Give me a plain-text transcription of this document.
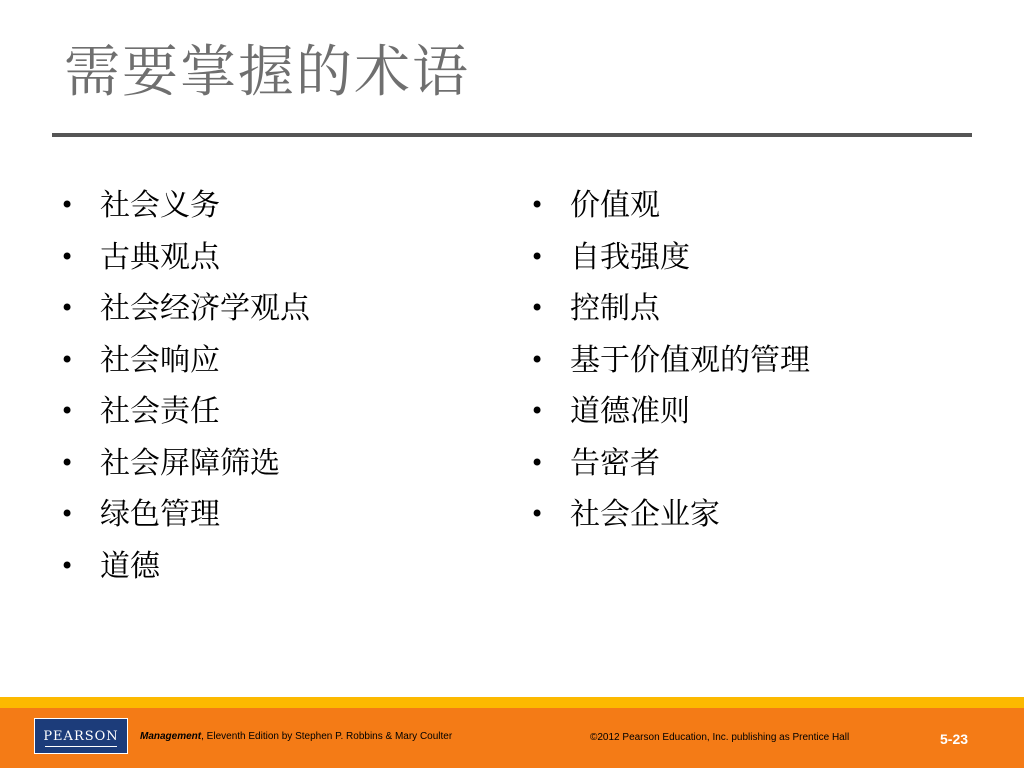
需要掌握的术语
• 社会义务
• 古典观点
• 社会经济学观点
• 社会响应
• 社会责任
• 社会屏障筛选
• 绿色管理
• 道德
• 价值观
• 自我强度
• 控制点
• 基于价值观的管理
• 道德准则
• 告密者
• 社会企业家
PEARSON Management, Eleventh Edition by Stephen P. Robbins & Mary Coulter	©2012 Pearson Education, Inc. publishing as Prentice Hall	5-23
